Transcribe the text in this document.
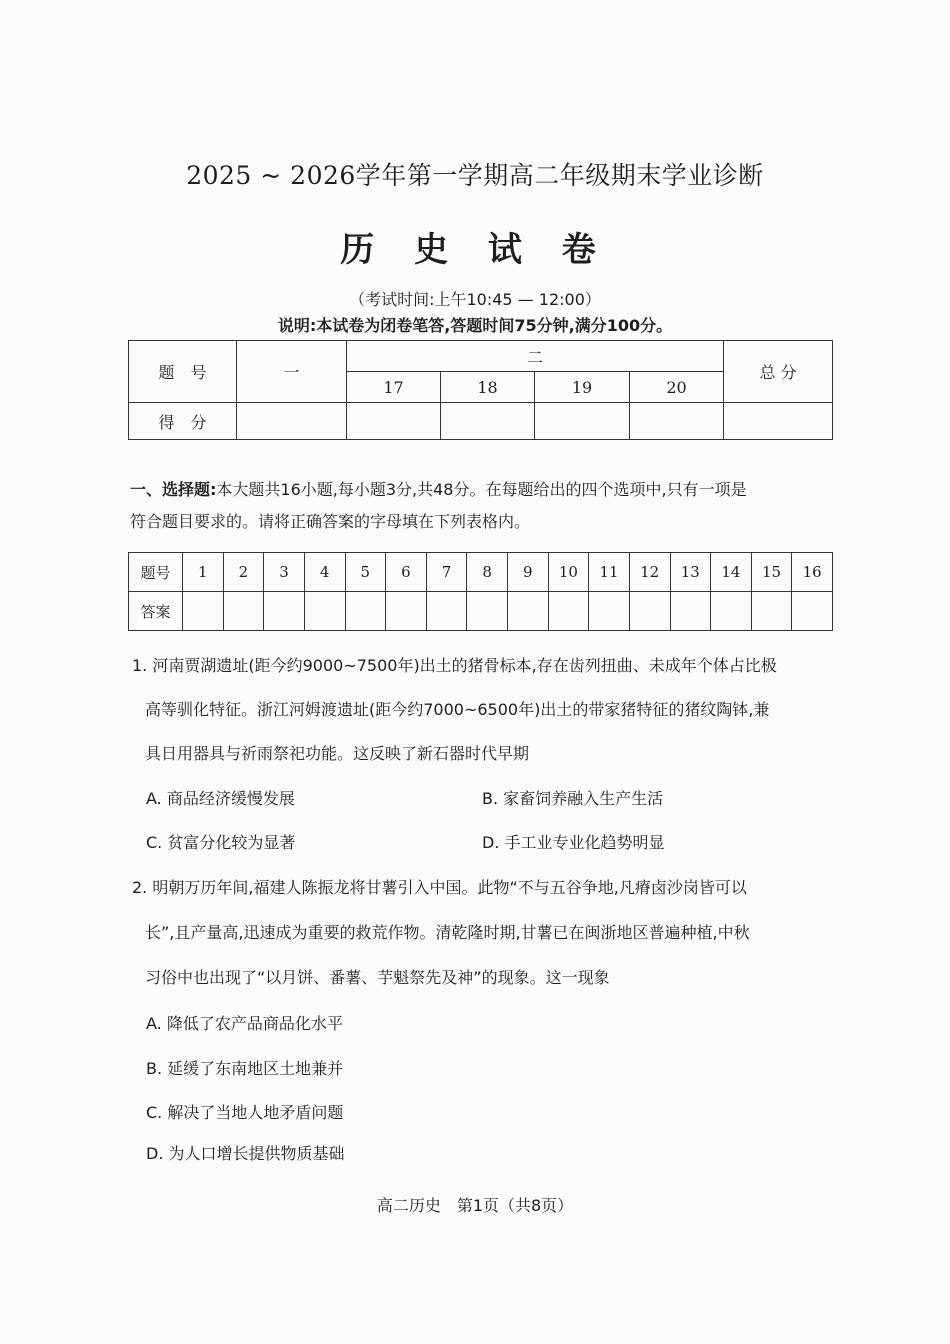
2025 ~ 2026学年第一学期高二年级期末学业诊断
历 史 试 卷
（考试时间:上午10:45 — 12:00）
说明:本试卷为闭卷笔答,答题时间75分钟,满分100分。
题　号	一	二				总 分
		17	18	19	20	
得　分						
一、选择题:本大题共16小题,每小题3分,共48分。在每题给出的四个选项中,只有一项是
符合题目要求的。请将正确答案的字母填在下列表格内。
题号	1	2	3	4	5	6	7	8	9	10	11	12	13	14	15	16
答案																
1. 河南贾湖遗址(距今约9000~7500年)出土的猪骨标本,存在齿列扭曲、未成年个体占比极
高等驯化特征。浙江河姆渡遗址(距今约7000~6500年)出土的带家猪特征的猪纹陶钵,兼
具日用器具与祈雨祭祀功能。这反映了新石器时代早期
A. 商品经济缓慢发展	B. 家畜饲养融入生产生活
C. 贫富分化较为显著	D. 手工业专业化趋势明显
2. 明朝万历年间,福建人陈振龙将甘薯引入中国。此物“不与五谷争地,凡瘠卤沙岗皆可以
长”,且产量高,迅速成为重要的救荒作物。清乾隆时期,甘薯已在闽浙地区普遍种植,中秋
习俗中也出现了“以月饼、番薯、芋魁祭先及神”的现象。这一现象
A. 降低了农产品商品化水平
B. 延缓了东南地区土地兼并
C. 解决了当地人地矛盾问题
D. 为人口增长提供物质基础
高二历史　第1页（共8页）
